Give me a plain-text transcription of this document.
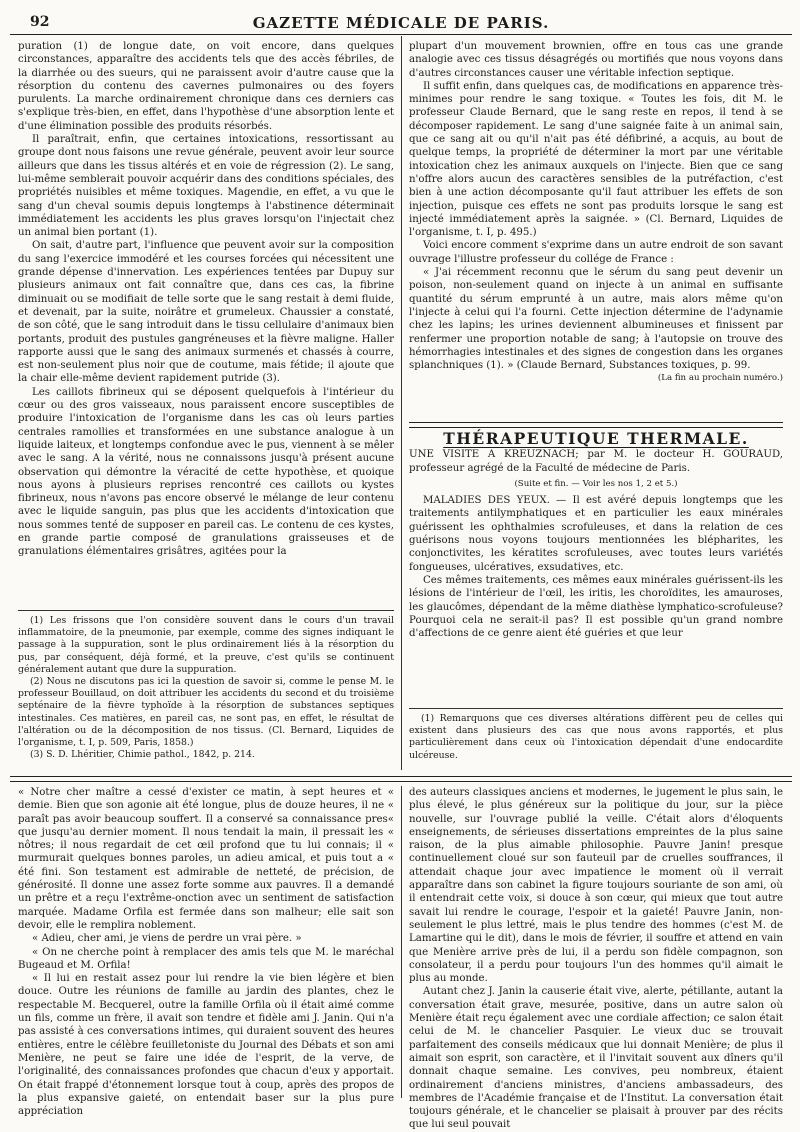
92	GAZETTE MÉDICALE DE PARIS.

puration (1) de longue date, on voit encore, dans quelques circonstances, apparaître des accidents tels que des accès fébriles, de la diarrhée ou des sueurs, qui ne paraissent avoir d'autre cause que la résorption du contenu des cavernes pulmonaires ou des foyers purulents. La marche ordinairement chronique dans ces derniers cas s'explique très-bien, en effet, dans l'hypothèse d'une absorption lente et d'une élimination possible des produits résorbés.

Il paraîtrait, enfin, que certaines intoxications, ressortissant au groupe dont nous faisons une revue générale, peuvent avoir leur source ailleurs que dans les tissus altérés et en voie de régression (2). Le sang, lui-même semblerait pouvoir acquérir dans des conditions spéciales, des propriétés nuisibles et même toxiques. Magendie, en effet, a vu que le sang d'un cheval soumis depuis longtemps à l'abstinence déterminait immédiatement les accidents les plus graves lorsqu'on l'injectait chez un animal bien portant (1).

On sait, d'autre part, l'influence que peuvent avoir sur la composition du sang l'exercice immodéré et les courses forcées qui nécessitent une grande dépense d'innervation. Les expériences tentées par Dupuy sur plusieurs animaux ont fait connaître que, dans ces cas, la fibrine diminuait ou se modifiait de telle sorte que le sang restait à demi fluide, et devenait, par la suite, noirâtre et grumeleux. Chaussier a constaté, de son côté, que le sang introduit dans le tissu cellulaire d'animaux bien portants, produit des pustules gangréneuses et la fièvre maligne. Haller rapporte aussi que le sang des animaux surmenés et chassés à courre, est non-seulement plus noir que de coutume, mais fétide; il ajoute que la chair elle-même devient rapidement putride (3).

Les caillots fibrineux qui se déposent quelquefois à l'intérieur du cœur ou des gros vaisseaux, nous paraissent encore susceptibles de produire l'intoxication de l'organisme dans les cas où leurs parties centrales ramollies et transformées en une substance analogue à un liquide laiteux, et longtemps confondue avec le pus, viennent à se mêler avec le sang. A la vérité, nous ne connaissons jusqu'à présent aucune observation qui démontre la véracité de cette hypothèse, et quoique nous ayons à plusieurs reprises rencontré ces caillots ou kystes fibrineux, nous n'avons pas encore observé le mélange de leur contenu avec le liquide sanguin, pas plus que les accidents d'intoxication que nous sommes tenté de supposer en pareil cas. Le contenu de ces kystes, en grande partie composé de granulations graisseuses et de granulations élémentaires grisâtres, agitées pour la

(1) Les frissons que l'on considère souvent dans le cours d'un travail inflammatoire, de la pneumonie, par exemple, comme des signes indiquant le passage à la suppuration, sont le plus ordinairement liés à la résorption du pus, par conséquent, déjà formé, et la preuve, c'est qu'ils se continuent généralement autant que dure la suppuration.

(2) Nous ne discutons pas ici la question de savoir si, comme le pense M. le professeur Bouillaud, on doit attribuer les accidents du second et du troisième septénaire de la fièvre typhoïde à la résorption de substances septiques intestinales. Ces matières, en pareil cas, ne sont pas, en effet, le résultat de l'altération ou de la décomposition de nos tissus. (Cl. Bernard, Liquides de l'organisme, t. I, p. 509, Paris, 1858.)

(3) S. D. Lhéritier, Chimie pathol., 1842, p. 214.

plupart d'un mouvement brownien, offre en tous cas une grande analogie avec ces tissus désagrégés ou mortifiés que nous voyons dans d'autres circonstances causer une véritable infection septique.

Il suffit enfin, dans quelques cas, de modifications en apparence très-minimes pour rendre le sang toxique. « Toutes les fois, dit M. le professeur Claude Bernard, que le sang reste en repos, il tend à se décomposer rapidement. Le sang d'une saignée faite à un animal sain, que ce sang ait ou qu'il n'ait pas été défibriné, a acquis, au bout de quelque temps, la propriété de déterminer la mort par une véritable intoxication chez les animaux auxquels on l'injecte. Bien que ce sang n'offre alors aucun des caractères sensibles de la putréfaction, c'est bien à une action décomposante qu'il faut attribuer les effets de son injection, puisque ces effets ne sont pas produits lorsque le sang est injecté immédiatement après la saignée. » (Cl. Bernard, Liquides de l'organisme, t. I, p. 495.)

Voici encore comment s'exprime dans un autre endroit de son savant ouvrage l'illustre professeur du collége de France :

« J'ai récemment reconnu que le sérum du sang peut devenir un poison, non-seulement quand on injecte à un animal en suffisante quantité du sérum emprunté à un autre, mais alors même qu'on l'injecte à celui qui l'a fourni. Cette injection détermine de l'adynamie chez les lapins; les urines deviennent albumineuses et finissent par renfermer une proportion notable de sang; à l'autopsie on trouve des hémorrhagies intestinales et des signes de congestion dans les organes splanchniques (1). » (Claude Bernard, Substances toxiques, p. 99.

(La fin au prochain numéro.)

THÉRAPEUTIQUE THERMALE.

UNE VISITE A KREUZNACH; par M. le docteur H. GOURAUD, professeur agrégé de la Faculté de médecine de Paris.

(Suite et fin. — Voir les nos 1, 2 et 5.)

MALADIES DES YEUX. — Il est avéré depuis longtemps que les traitements antilymphatiques et en particulier les eaux minérales guérissent les ophthalmies scrofuleuses, et dans la relation de ces guérisons nous voyons toujours mentionnées les blépharites, les conjonctivites, les kératites scrofuleuses, avec toutes leurs variétés fongueuses, ulcératives, exsudatives, etc.

Ces mêmes traitements, ces mêmes eaux minérales guérissent-ils les lésions de l'intérieur de l'œil, les iritis, les choroïdites, les amauroses, les glaucômes, dépendant de la même diathèse lymphatico-scrofuleuse? Pourquoi cela ne serait-il pas? Il est possible qu'un grand nombre d'affections de ce genre aient été guéries et que leur

(1) Remarquons que ces diverses altérations diffèrent peu de celles qui existent dans plusieurs des cas que nous avons rapportés, et plus particulièrement dans ceux où l'intoxication dépendait d'une endocardite ulcéreuse.

« Notre cher maître a cessé d'exister ce matin, à sept heures et « demie. Bien que son agonie ait été longue, plus de douze heures, il ne « paraît pas avoir beaucoup souffert. Il a conservé sa connaissance pres« que jusqu'au dernier moment. Il nous tendait la main, il pressait les « nôtres; il nous regardait de cet œil profond que tu lui connais; il « murmurait quelques bonnes paroles, un adieu amical, et puis tout a « été fini. Son testament est admirable de netteté, de précision, de générosité. Il donne une assez forte somme aux pauvres. Il a demandé un prêtre et a reçu l'extrême-onction avec un sentiment de satisfaction marquée. Madame Orfila est fermée dans son malheur; elle sait son devoir, elle le remplira noblement.

« Adieu, cher ami, je viens de perdre un vrai père. »

« On ne cherche point à remplacer des amis tels que M. le maréchal Bugeaud et M. Orfila!

« Il lui en restait assez pour lui rendre la vie bien légère et bien douce. Outre les réunions de famille au jardin des plantes, chez le respectable M. Becquerel, outre la famille Orfila où il était aimé comme un fils, comme un frère, il avait son tendre et fidèle ami J. Janin. Qui n'a pas assisté à ces conversations intimes, qui duraient souvent des heures entières, entre le célèbre feuilletoniste du Journal des Débats et son ami Menière, ne peut se faire une idée de l'esprit, de la verve, de l'originalité, des connaissances profondes que chacun d'eux y apportait. On était frappé d'étonnement lorsque tout à coup, après des propos de la plus expansive gaieté, on entendait baser sur la plus pure appréciation

des auteurs classiques anciens et modernes, le jugement le plus sain, le plus élevé, le plus généreux sur la politique du jour, sur la pièce nouvelle, sur l'ouvrage publié la veille. C'était alors d'éloquents enseignements, de sérieuses dissertations empreintes de la plus saine raison, de la plus aimable philosophie. Pauvre Janin! presque continuellement cloué sur son fauteuil par de cruelles souffrances, il attendait chaque jour avec impatience le moment où il verrait apparaître dans son cabinet la figure toujours souriante de son ami, où il entendrait cette voix, si douce à son cœur, qui mieux que tout autre savait lui rendre le courage, l'espoir et la gaieté! Pauvre Janin, non-seulement le plus lettré, mais le plus tendre des hommes (c'est M. de Lamartine qui le dit), dans le mois de février, il souffre et attend en vain que Menière arrive près de lui, il a perdu son fidèle compagnon, son consolateur, il a perdu pour toujours l'un des hommes qu'il aimait le plus au monde.

Autant chez J. Janin la causerie était vive, alerte, pétillante, autant la conversation était grave, mesurée, positive, dans un autre salon où Menière était reçu également avec une cordiale affection; ce salon était celui de M. le chancelier Pasquier. Le vieux duc se trouvait parfaitement des conseils médicaux que lui donnait Menière; de plus il aimait son esprit, son caractère, et il l'invitait souvent aux dîners qu'il donnait chaque semaine. Les convives, peu nombreux, étaient ordinairement d'anciens ministres, d'anciens ambassadeurs, des membres de l'Académie française et de l'Institut. La conversation était toujours générale, et le chancelier se plaisait à prouver par des récits que lui seul pouvait
